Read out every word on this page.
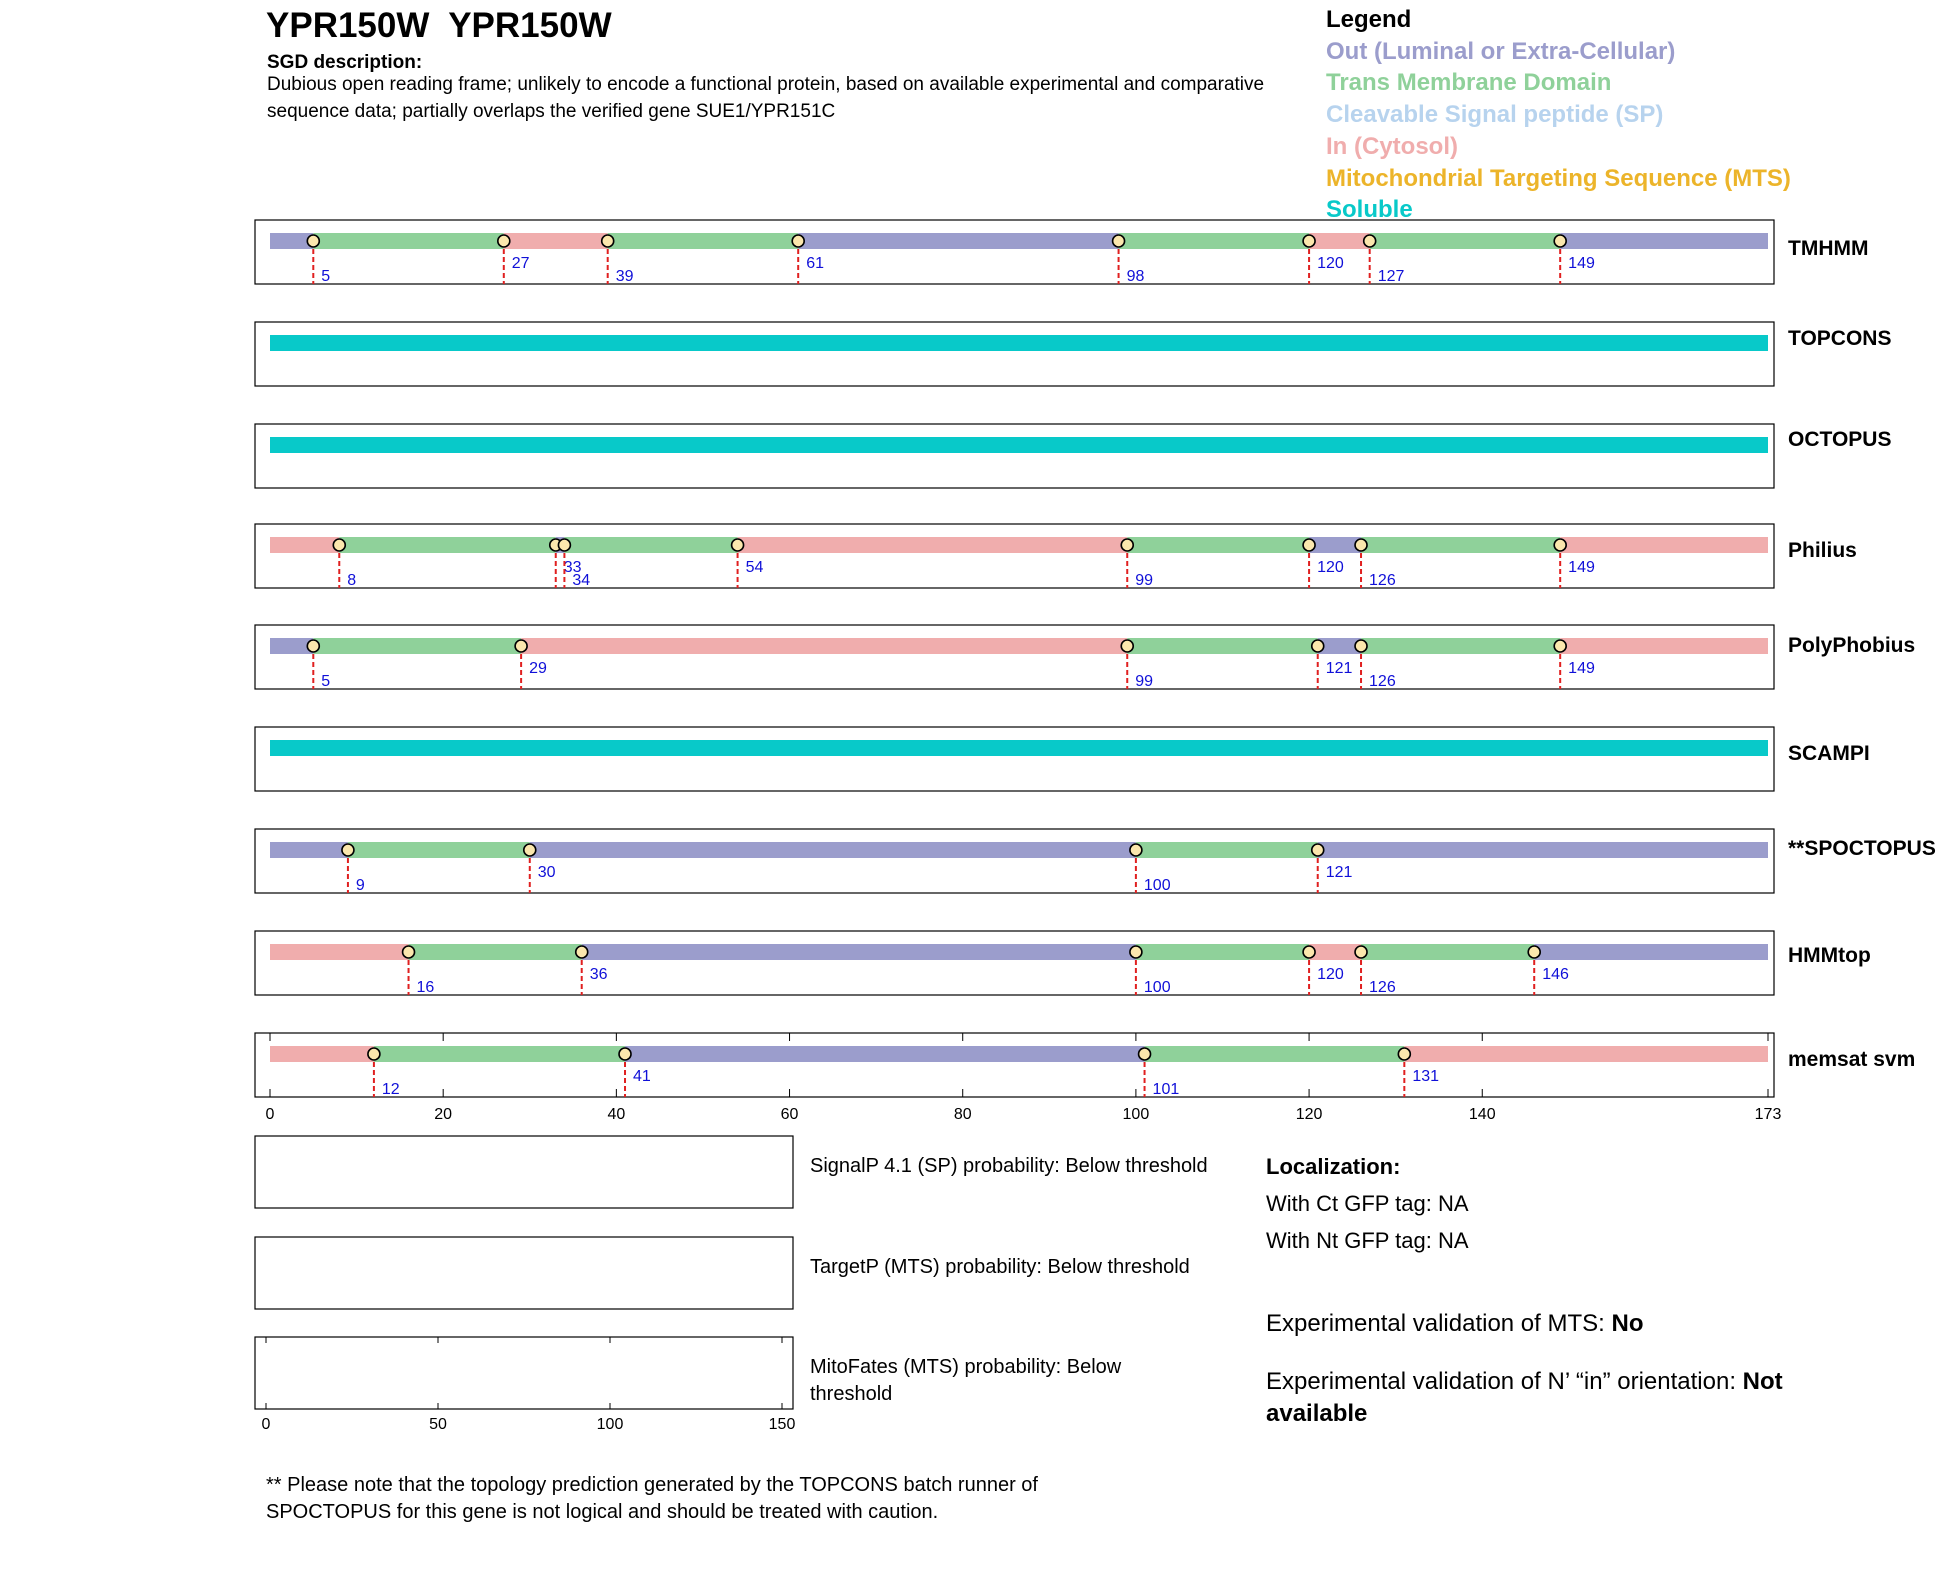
YPR150W  YPR150W
SGD description:
Dubious open reading frame; unlikely to encode a functional protein, based on available experimental and comparative sequence data; partially overlaps the verified gene SUE1/YPR151C
Legend
Out (Luminal or Extra-Cellular)
Trans Membrane Domain
Cleavable Signal peptide (SP)
In (Cytosol)
Mitochondrial Targeting Sequence (MTS)
Soluble
TMHMM
5
27
39
61
98
120
127
149
TOPCONS
OCTOPUS
Philius
8
33
34
54
99
120
126
149
PolyPhobius
5
29
99
121
126
149
SCAMPI
**SPOCTOPUS
9
30
100
121
HMMtop
16
36
100
120
126
146
memsat svm
12
41
101
131
0	20	40	60	80	100	120	140	173
SignalP 4.1 (SP) probability: Below threshold
TargetP (MTS) probability: Below threshold
MitoFates (MTS) probability: Below
threshold
0	50	100	150
Localization:
With Ct GFP tag: NA
With Nt GFP tag: NA
Experimental validation of MTS: No
Experimental validation of N’ “in” orientation: Not available
** Please note that the topology prediction generated by the TOPCONS batch runner of SPOCTOPUS for this gene is not logical and should be treated with caution.
